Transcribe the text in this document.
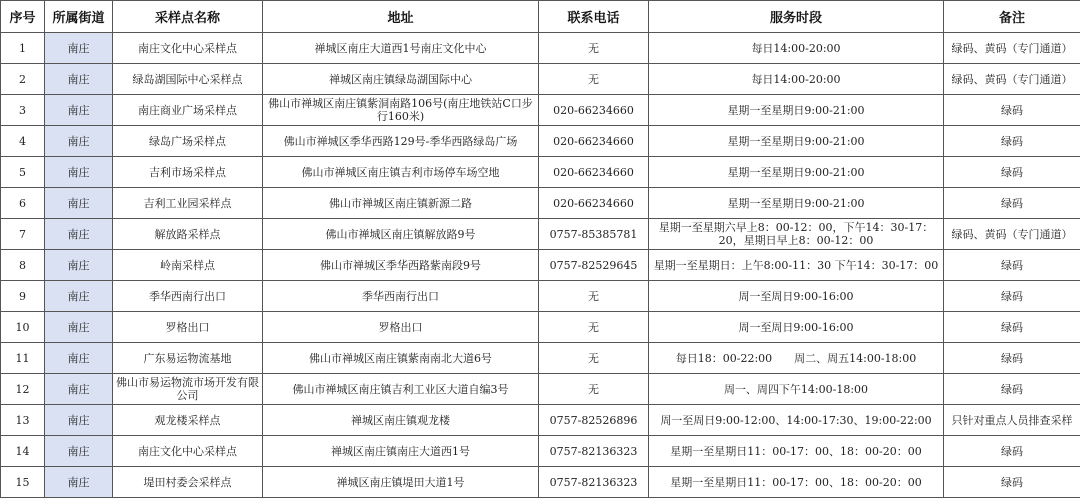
序号	所属街道	采样点名称	地址	联系电话	服务时段	备注
1	南庄	南庄文化中心采样点	禅城区南庄大道西1号南庄文化中心	无	每日14:00-20:00	绿码、黄码（专门通道）
2	南庄	绿岛湖国际中心采样点	禅城区南庄镇绿岛湖国际中心	无	每日14:00-20:00	绿码、黄码（专门通道）
3	南庄	南庄商业广场采样点	佛山市禅城区南庄镇紫洞南路106号(南庄地铁站C口步行160米)	020-66234660	星期一至星期日9:00-21:00	绿码
4	南庄	绿岛广场采样点	佛山市禅城区季华西路129号-季华西路绿岛广场	020-66234660	星期一至星期日9:00-21:00	绿码
5	南庄	吉利市场采样点	佛山市禅城区南庄镇吉利市场停车场空地	020-66234660	星期一至星期日9:00-21:00	绿码
6	南庄	吉利工业园采样点	佛山市禅城区南庄镇新源二路	020-66234660	星期一至星期日9:00-21:00	绿码
7	南庄	解放路采样点	佛山市禅城区南庄镇解放路9号	0757-85385781	星期一至星期六早上8：00-12：00，下午14：30-17：20，星期日早上8：00-12：00	绿码、黄码（专门通道）
8	南庄	岭南采样点	佛山市禅城区季华西路紫南段9号	0757-82529645	星期一至星期日：上午8:00-11：30 下午14：30-17：00	绿码
9	南庄	季华西南行出口	季华西南行出口	无	周一至周日9:00-16:00	绿码
10	南庄	罗格出口	罗格出口	无	周一至周日9:00-16:00	绿码
11	南庄	广东易运物流基地	佛山市禅城区南庄镇紫南南北大道6号	无	每日18：00-22:00　　周二、周五14:00-18:00	绿码
12	南庄	佛山市易运物流市场开发有限公司	佛山市禅城区南庄镇吉利工业区大道自编3号	无	周一、周四下午14:00-18:00	绿码
13	南庄	观龙楼采样点	禅城区南庄镇观龙楼	0757-82526896	周一至周日9:00-12:00、14:00-17:30、19:00-22:00	只针对重点人员排查采样
14	南庄	南庄文化中心采样点	禅城区南庄镇南庄大道西1号	0757-82136323	星期一至星期日11：00-17：00、18：00-20：00	绿码
15	南庄	堤田村委会采样点	禅城区南庄镇堤田大道1号	0757-82136323	星期一至星期日11：00-17：00、18：00-20：00	绿码
